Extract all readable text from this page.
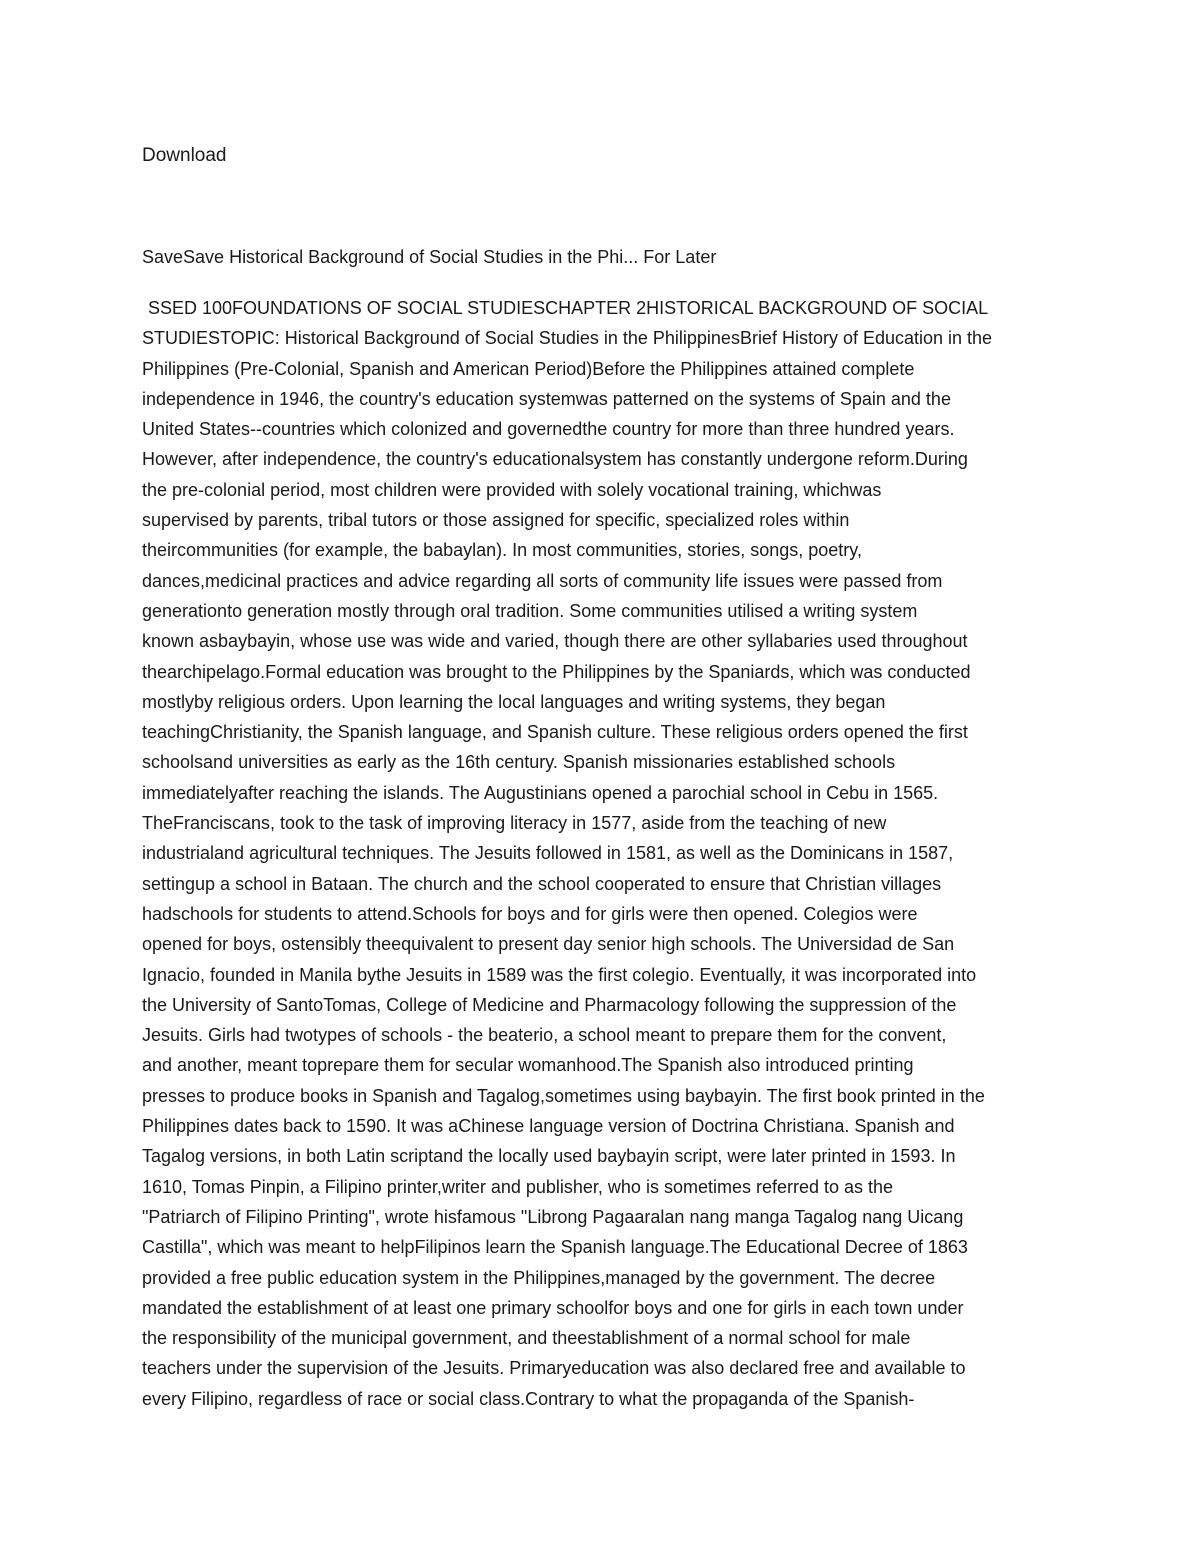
Download
SaveSave Historical Background of Social Studies in the Phi... For Later
SSED 100FOUNDATIONS OF SOCIAL STUDIESCHAPTER 2HISTORICAL BACKGROUND OF SOCIAL
STUDIESTOPIC: Historical Background of Social Studies in the PhilippinesBrief History of Education in the
Philippines (Pre-Colonial, Spanish and American Period)Before the Philippines attained complete
independence in 1946, the country's education systemwas patterned on the systems of Spain and the
United States--countries which colonized and governedthe country for more than three hundred years.
However, after independence, the country's educationalsystem has constantly undergone reform.During
the pre-colonial period, most children were provided with solely vocational training, whichwas
supervised by parents, tribal tutors or those assigned for specific, specialized roles within
theircommunities (for example, the babaylan). In most communities, stories, songs, poetry,
dances,medicinal practices and advice regarding all sorts of community life issues were passed from
generationto generation mostly through oral tradition. Some communities utilised a writing system
known asbaybayin, whose use was wide and varied, though there are other syllabaries used throughout
thearchipelago.Formal education was brought to the Philippines by the Spaniards, which was conducted
mostlyby religious orders. Upon learning the local languages and writing systems, they began
teachingChristianity, the Spanish language, and Spanish culture. These religious orders opened the first
schoolsand universities as early as the 16th century. Spanish missionaries established schools
immediatelyafter reaching the islands. The Augustinians opened a parochial school in Cebu in 1565.
TheFranciscans, took to the task of improving literacy in 1577, aside from the teaching of new
industrialand agricultural techniques. The Jesuits followed in 1581, as well as the Dominicans in 1587,
settingup a school in Bataan. The church and the school cooperated to ensure that Christian villages
hadschools for students to attend.Schools for boys and for girls were then opened. Colegios were
opened for boys, ostensibly theequivalent to present day senior high schools. The Universidad de San
Ignacio, founded in Manila bythe Jesuits in 1589 was the first colegio. Eventually, it was incorporated into
the University of SantoTomas, College of Medicine and Pharmacology following the suppression of the
Jesuits. Girls had twotypes of schools - the beaterio, a school meant to prepare them for the convent,
and another, meant toprepare them for secular womanhood.The Spanish also introduced printing
presses to produce books in Spanish and Tagalog,sometimes using baybayin. The first book printed in the
Philippines dates back to 1590. It was aChinese language version of Doctrina Christiana. Spanish and
Tagalog versions, in both Latin scriptand the locally used baybayin script, were later printed in 1593. In
1610, Tomas Pinpin, a Filipino printer,writer and publisher, who is sometimes referred to as the
"Patriarch of Filipino Printing", wrote hisfamous "Librong Pagaaralan nang manga Tagalog nang Uicang
Castilla", which was meant to helpFilipinos learn the Spanish language.The Educational Decree of 1863
provided a free public education system in the Philippines,managed by the government. The decree
mandated the establishment of at least one primary schoolfor boys and one for girls in each town under
the responsibility of the municipal government, and theestablishment of a normal school for male
teachers under the supervision of the Jesuits. Primaryeducation was also declared free and available to
every Filipino, regardless of race or social class.Contrary to what the propaganda of the Spanish-
